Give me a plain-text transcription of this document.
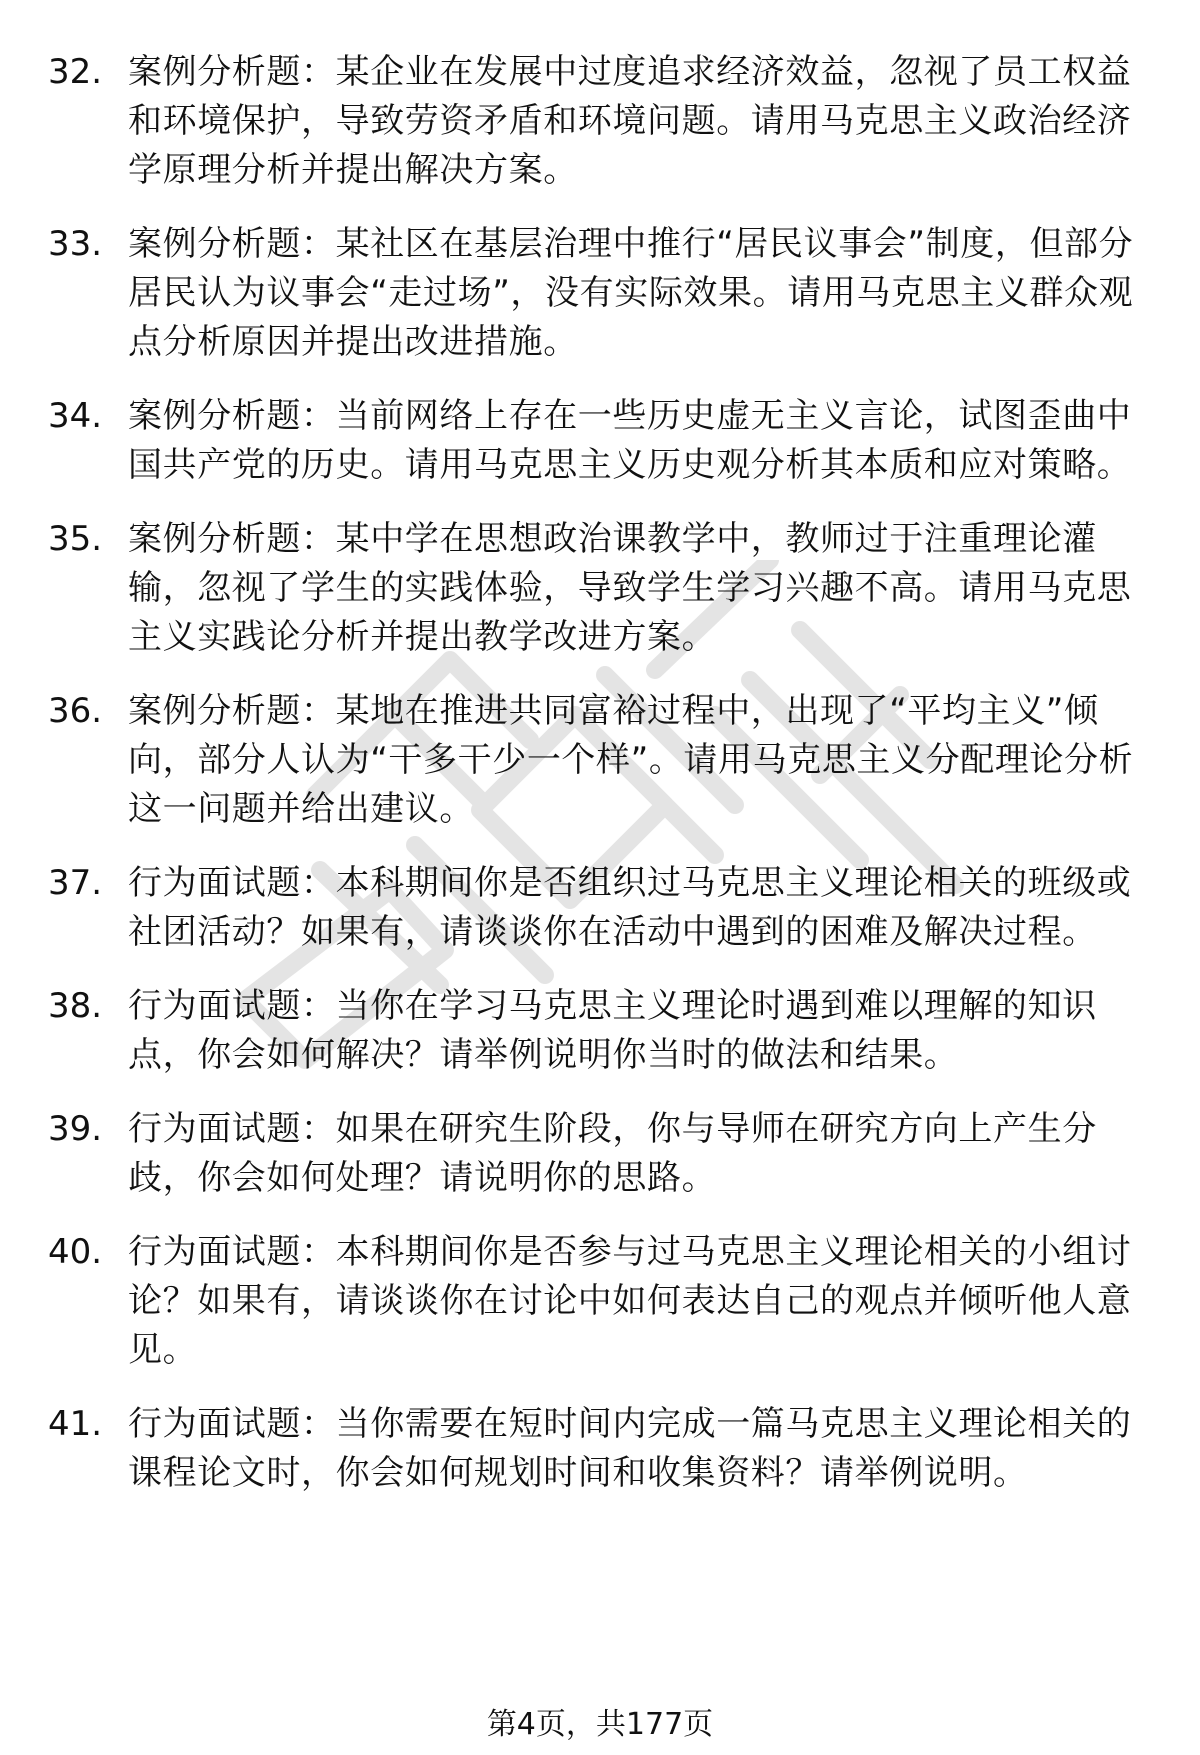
32. 案例分析题：某企业在发展中过度追求经济效益，忽视了员工权益和环境保护，导致劳资矛盾和环境问题。请用马克思主义政治经济学原理分析并提出解决方案。
33. 案例分析题：某社区在基层治理中推行“居民议事会”制度，但部分居民认为议事会“走过场”，没有实际效果。请用马克思主义群众观点分析原因并提出改进措施。
34. 案例分析题：当前网络上存在一些历史虚无主义言论，试图歪曲中国共产党的历史。请用马克思主义历史观分析其本质和应对策略。
35. 案例分析题：某中学在思想政治课教学中，教师过于注重理论灌输，忽视了学生的实践体验，导致学生学习兴趣不高。请用马克思主义实践论分析并提出教学改进方案。
36. 案例分析题：某地在推进共同富裕过程中，出现了“平均主义”倾向，部分人认为“干多干少一个样”。请用马克思主义分配理论分析这一问题并给出建议。
37. 行为面试题：本科期间你是否组织过马克思主义理论相关的班级或社团活动？如果有，请谈谈你在活动中遇到的困难及解决过程。
38. 行为面试题：当你在学习马克思主义理论时遇到难以理解的知识点，你会如何解决？请举例说明你当时的做法和结果。
39. 行为面试题：如果在研究生阶段，你与导师在研究方向上产生分歧，你会如何处理？请说明你的思路。
40. 行为面试题：本科期间你是否参与过马克思主义理论相关的小组讨论？如果有，请谈谈你在讨论中如何表达自己的观点并倾听他人意见。
41. 行为面试题：当你需要在短时间内完成一篇马克思主义理论相关的课程论文时，你会如何规划时间和收集资料？请举例说明。
第4页，共177页
